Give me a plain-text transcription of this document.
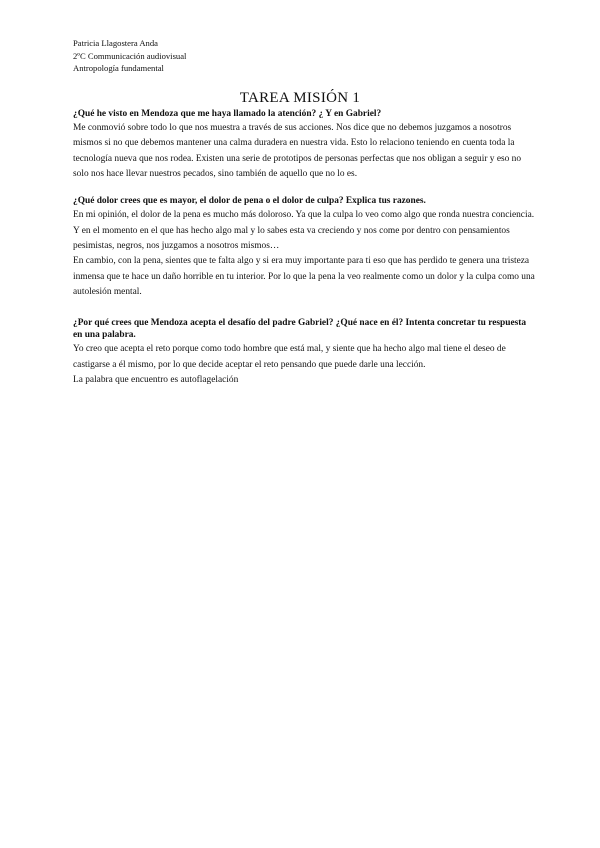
Patricia Llagostera Anda
2ºC Communicación audiovisual
Antropología fundamental
TAREA MISIÓN 1

¿Qué he visto en Mendoza que me haya llamado la atención? ¿ Y en Gabriel?

Me conmovió sobre todo lo que nos muestra a través de sus acciones. Nos dice que no debemos juzgamos a nosotros mismos si no que debemos mantener una calma duradera en nuestra vida. Esto lo relaciono teniendo en cuenta toda la tecnología nueva que nos rodea. Existen una serie de prototipos de personas perfectas que nos obligan a seguir y eso no solo nos hace llevar nuestros pecados, sino también de aquello que no lo es.

¿Qué dolor crees que es mayor, el dolor de pena o el dolor de culpa? Explica tus razones.

En mi opinión, el dolor de la pena es mucho más doloroso. Ya que la culpa lo veo como algo que ronda nuestra conciencia. Y en el momento en el que has hecho algo mal y lo sabes esta va creciendo y nos come por dentro con pensamientos pesimistas, negros, nos juzgamos a nosotros mismos…

En cambio, con la pena, sientes que te falta algo y si era muy importante para ti eso que has perdido te genera una tristeza inmensa que te hace un daño horrible en tu interior. Por lo que la pena la veo realmente como un dolor y la culpa como una autolesión mental.

¿Por qué crees que Mendoza acepta el desafío del padre Gabriel? ¿Qué nace en él? Intenta concretar tu respuesta en una palabra.

Yo creo que acepta el reto porque como todo hombre que está mal, y siente que ha hecho algo mal tiene el deseo de castigarse a él mismo, por lo que decide aceptar el reto pensando que puede darle una lección.

La palabra que encuentro es autoflagelación
